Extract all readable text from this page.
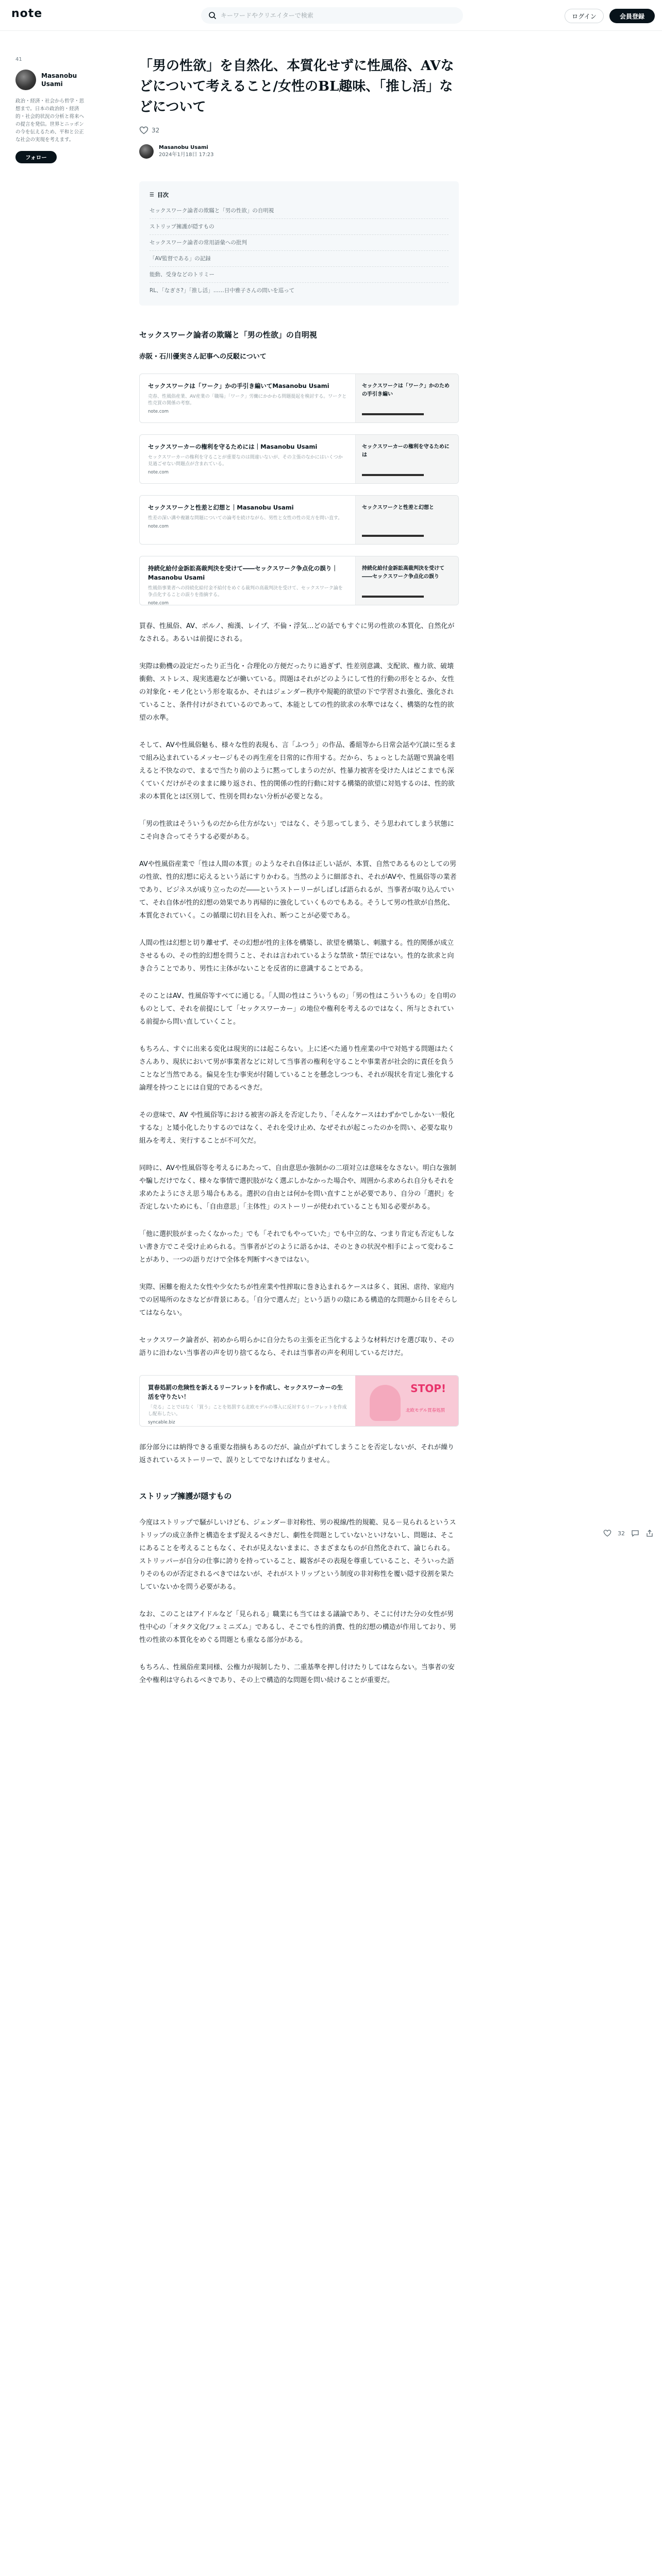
note
キーワードやクリエイターで検索	ログイン	会員登録
41
Masanobu Usami
政治・経済・社会から哲学・思想まで。日本の政治的・経済的・社会的状況の分析と将来への提言を発信。世界とニッポンの今を伝えるため、平和と公正な社会の実現を考えます。
フォロー
「男の性欲」を自然化、本質化せずに性風俗、AVなどについて考えること/女性のBL趣味、「推し活」などについて
32
Masanobu Usami
2024年1月18日 17:23
☰ 目次
セックスワーク論者の欺瞞と「男の性欲」の自明視
ストリップ擁護が隠すもの
セックスワーク論者の常用語彙への批判
「AV監督である」の記録
能動、受身などのトリミー
RL、「なぎさ?」「推し活」……日中雅子さんの問いを巡って
セックスワーク論者の欺瞞と「男の性欲」の自明視
赤阪・石川優実さん記事への反駁について
セックスワークは「ワーク」かの手引き編いてMasanobu Usami
売春、性風俗産業、AV産業の「職場」「ワーク」労働にかかわる問題提起を検討する。ワークと性売買の関係の考察。
note.com
セックスワークは「ワーク」かのための手引き編い
セックスワーカーの権利を守るためには｜Masanobu Usami
セックスワーカーの権利を守ることが重要なのは間違いないが、その主張のなかにはいくつか見過ごせない問題点が含まれている。
note.com
セックスワーカーの権利を守るためには
セックスワークと性差と幻想と｜Masanobu Usami
性差の深い溝や複雑な問題についての論考を続けながら、男性と女性の性の見方を問い直す。
note.com
セックスワークと性差と幻想と
持続化給付金訴訟高裁判決を受けて――セックスワーク争点化の誤り｜Masanobu Usami
性風俗事業者への持続化給付金不給付をめぐる裁判の高裁判決を受けて、セックスワーク論を争点化することの誤りを指摘する。
note.com
持続化給付金訴訟高裁判決を受けて――セックスワーク争点化の誤り

買春、性風俗、AV、ポルノ、痴漢、レイプ、不倫・浮気…どの話でもすぐに男の性欲の本質化、自然化がなされる。あるいは前提にされる。

実際は動機の設定だったり正当化・合理化の方便だったりに過ぎず、性差別意識、支配欲、権力欲、破壊衝動、ストレス、現実逃避などが働いている。問題はそれがどのようにして性的行動の形をとるか、女性の対象化・モノ化という形を取るか、それはジェンダー秩序や規範的欲望の下で学習され強化、強化されていること、条件付けがされているのであって、本能としての性的欲求の水準ではなく、構築的な性的欲望の水準。

そして、AVや性風俗魅も、様々な性的表現も、言「ふつう」の作品、番組等から日常会話や冗談に至るまで組み込まれているメッセージもその再生産を日常的に作用する。だから、ちょっとした話題で異論を唱えると不快なので、まるで当たり前のように黙ってしまうのだが、性暴力被害を受けた人はどこまでも深くていくだけがそのままに繰り返され、性的関係の性的行動に対する構築的欲望に対処するのは、性的欲求の本質化とは区別して、性別を問わない分析が必要となる。

「男の性欲はそういうものだから仕方がない」ではなく、そう思ってしまう、そう思われてしまう状態にこそ向き合ってそうする必要がある。

AVや性風俗産業で「性は人間の本質」のようなそれ自体は正しい話が、本質、自然であるものとしての男の性欲、性的幻想に応えるという話にすりかわる。当然のように細部され、それがAVや、性風俗等の業者であり、ビジネスが成り立ったのだ――というストーリーがしばしば語られるが、当事者が取り込んでいて、それ自体が性的幻想の効果であり再帰的に強化していくものでもある。そうして男の性欲が自然化、本質化されていく。この循環に切れ目を入れ、断つことが必要である。

人間の性は幻想と切り離せず、その幻想が性的主体を構築し、欲望を構築し、刺激する。性的関係が成立させるもの、その性的幻想を問うこと、それは言われているような禁欲・禁圧ではない。性的な欲求と向き合うことであり、男性に主体がないことを反省的に意識することである。

そのことはAV、性風俗等すべてに通じる。「人間の性はこういうもの」「男の性はこういうもの」を自明のものとして、それを前提にして「セックスワーカー」の地位や権利を考えるのではなく、所与とされている前提から問い直していくこと。

もちろん、すぐに出来る変化は現実的には起こらない。上に述べた通り性産業の中で対処する問題はたくさんあり、現状において男が事業者などに対して当事者の権利を守ることや事業者が社会的に責任を負うことなど当然である。偏見を生む事実が付随していることを懸念しつつも、それが現状を肯定し強化する論理を持つことには自覚的であるべきだ。

その意味で、AV や性風俗等における被害の訴えを否定したり、「そんなケースはわずかでしかない一般化するな」と矮小化したりするのではなく、それを受け止め、なぜそれが起こったのかを問い、必要な取り組みを考え、実行することが不可欠だ。

同時に、AVや性風俗等を考えるにあたって、自由意思か強制かの二項対立は意味をなさない。明白な強制や騙しだけでなく、様々な事情で選択肢がなく選ぶしかなかった場合や、周囲から求められ自分もそれを求めたようにさえ思う場合もある。選択の自由とは何かを問い直すことが必要であり、自分の「選択」を否定しないためにも、「自由意思」「主体性」のストーリーが使われていることも知る必要がある。

「他に選択肢がまったくなかった」でも「それでもやっていた」でも中立的な、つまり肯定も否定もしない書き方でこそ受け止められる。当事者がどのように語るかは、そのときの状況や相手によって変わることがあり、一つの語りだけで全体を判断すべきではない。

実際、困難を抱えた女性や少女たちが性産業や性搾取に巻き込まれるケースは多く、貧困、虐待、家庭内での居場所のなさなどが背景にある。「自分で選んだ」という語りの陰にある構造的な問題から目をそらしてはならない。

セックスワーク論者が、初めから明らかに自分たちの主張を正当化するような材料だけを選び取り、その語りに沿わない当事者の声を切り捨てるなら、それは当事者の声を利用しているだけだ。

買春処罰の危険性を訴えるリーフレットを作成し、セックスワーカーの生活を守りたい！
「売る」ことではなく「買う」ことを処罰する北欧モデルの導入に反対するリーフレットを作成し配布したい。
syncable.biz
STOP!
北欧モデル買春処罰

部分部分には納得できる重要な指摘もあるのだが、論点がずれてしまうことを否定しないが、それが繰り返されているストーリーで、誤りとしてでなければなりません。

ストリップ擁護が隠すもの

今度はストリップで騒がしいけども、ジェンダー非対称性、男の視線/性的規範、見る－見られるというストリップの成立条件と構造をまず捉えるべきだし、劇性を問題としていないといけないし、問題は、そこにあることを考えることもなく、それが見えないままに、さまざまなものが自然化されて、論じられる。ストリッパーが自分の仕事に誇りを持っていること、観客がその表現を尊重していること、そういった語りそのものが否定されるべきではないが、それがストリップという制度の非対称性を覆い隠す役割を果たしていないかを問う必要がある。

なお、このことはアイドルなど「見られる」職業にも当てはまる議論であり、そこに付けた分の女性が男性中心の「オタク文化/フェミニズム」であるし、そこでも性的消費、性的幻想の構造が作用しており、男性の性欲の本質化をめぐる問題とも重なる部分がある。

もちろん、性風俗産業同様、公権力が規制したり、二重基準を押し付けたりしてはならない。当事者の安全や権利は守られるべきであり、その上で構造的な問題を問い続けることが重要だ。

32
